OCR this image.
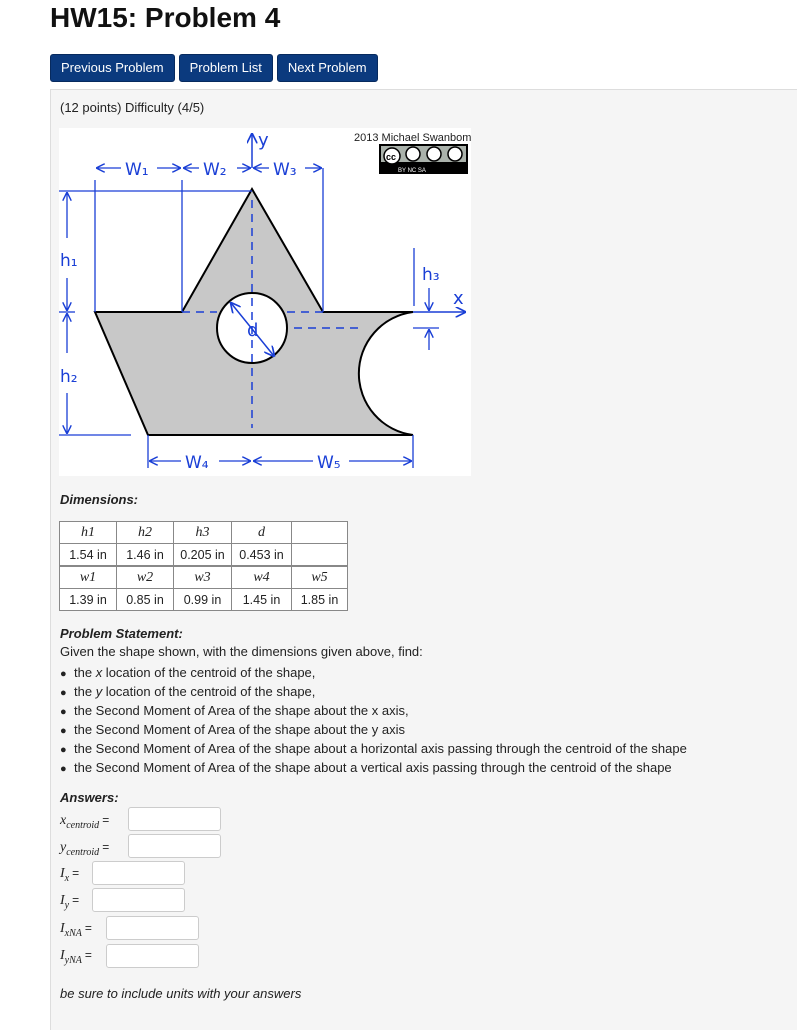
HW15: Problem 4
Previous Problem	Problem List	Next Problem
(12 points) Difficulty (4/5)
2013 Michael Swanbom
cc
BY NC SA
d
W₁	W₂	W₃
W₄	W₅
h₁
h₂
h₃
y
x
Dimensions:
h1	h2	h3	d	
1.54 in	1.46 in	0.205 in	0.453 in	
w1	w2	w3	w4	w5
1.39 in	0.85 in	0.99 in	1.45 in	1.85 in
Problem Statement:
Given the shape shown, with the dimensions given above, find:
● the x location of the centroid of the shape,
● the y location of the centroid of the shape,
● the Second Moment of Area of the shape about the x axis,
● the Second Moment of Area of the shape about the y axis
● the Second Moment of Area of the shape about a horizontal axis passing through the centroid of the shape
● the Second Moment of Area of the shape about a vertical axis passing through the centroid of the shape
Answers:
$x_{centroid}$ =
$y_{centroid}$ =
$I_x$ =
$I_y$ =
$I_{xNA}$ =
$I_{yNA}$ =
be sure to include units with your answers
